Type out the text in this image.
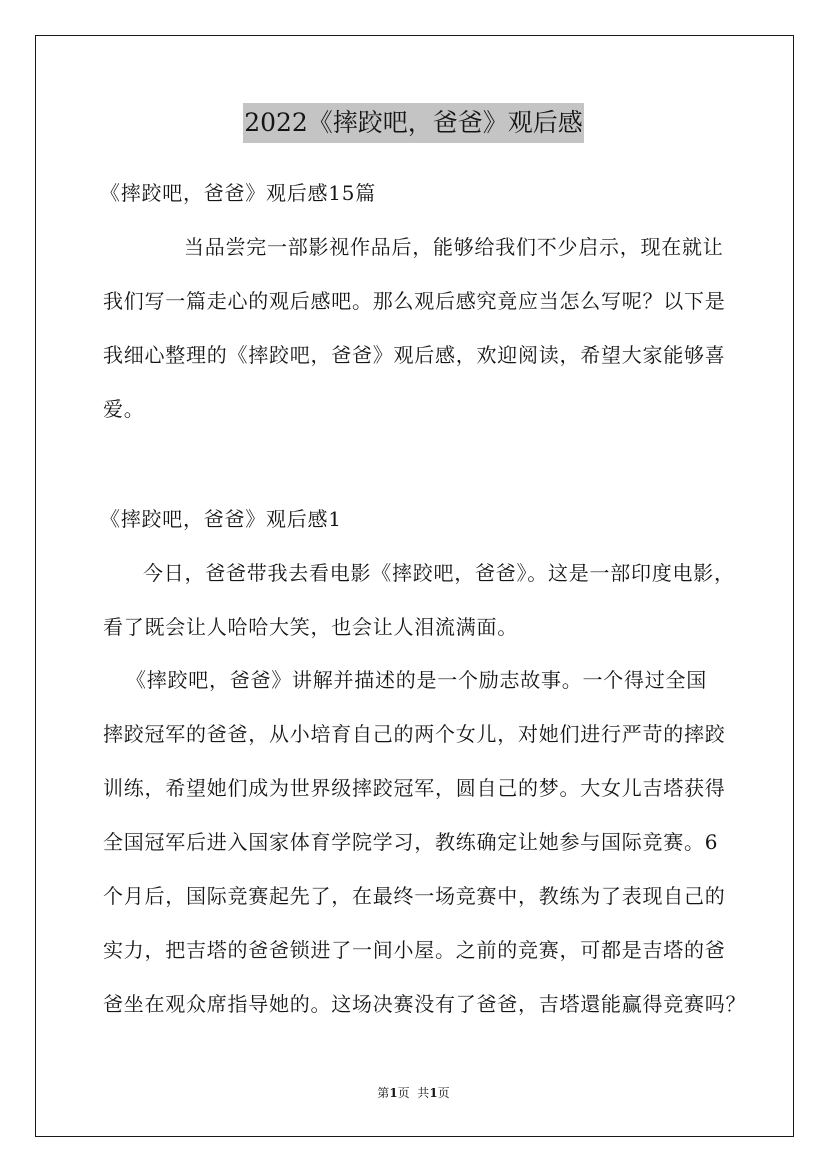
2022《摔跤吧，爸爸》观后感
《摔跤吧，爸爸》观后感15篇
当品尝完一部影视作品后，能够给我们不少启示，现在就让
我们写一篇走心的观后感吧。那么观后感究竟应当怎么写呢？以下是
我细心整理的《摔跤吧，爸爸》观后感，欢迎阅读，希望大家能够喜
爱。
《摔跤吧，爸爸》观后感1
今日，爸爸带我去看电影《摔跤吧，爸爸》。这是一部印度电影，
看了既会让人哈哈大笑，也会让人泪流满面。
《摔跤吧，爸爸》讲解并描述的是一个励志故事。一个得过全国
摔跤冠军的爸爸，从小培育自己的两个女儿，对她们进行严苛的摔跤
训练，希望她们成为世界级摔跤冠军，圆自己的梦。大女儿吉塔获得
全国冠军后进入国家体育学院学习，教练确定让她参与国际竞赛。6
个月后，国际竞赛起先了，在最终一场竞赛中，教练为了表现自己的
实力，把吉塔的爸爸锁进了一间小屋。之前的竞赛，可都是吉塔的爸
爸坐在观众席指导她的。这场决赛没有了爸爸，吉塔還能赢得竞赛吗？
第1页  共1页
